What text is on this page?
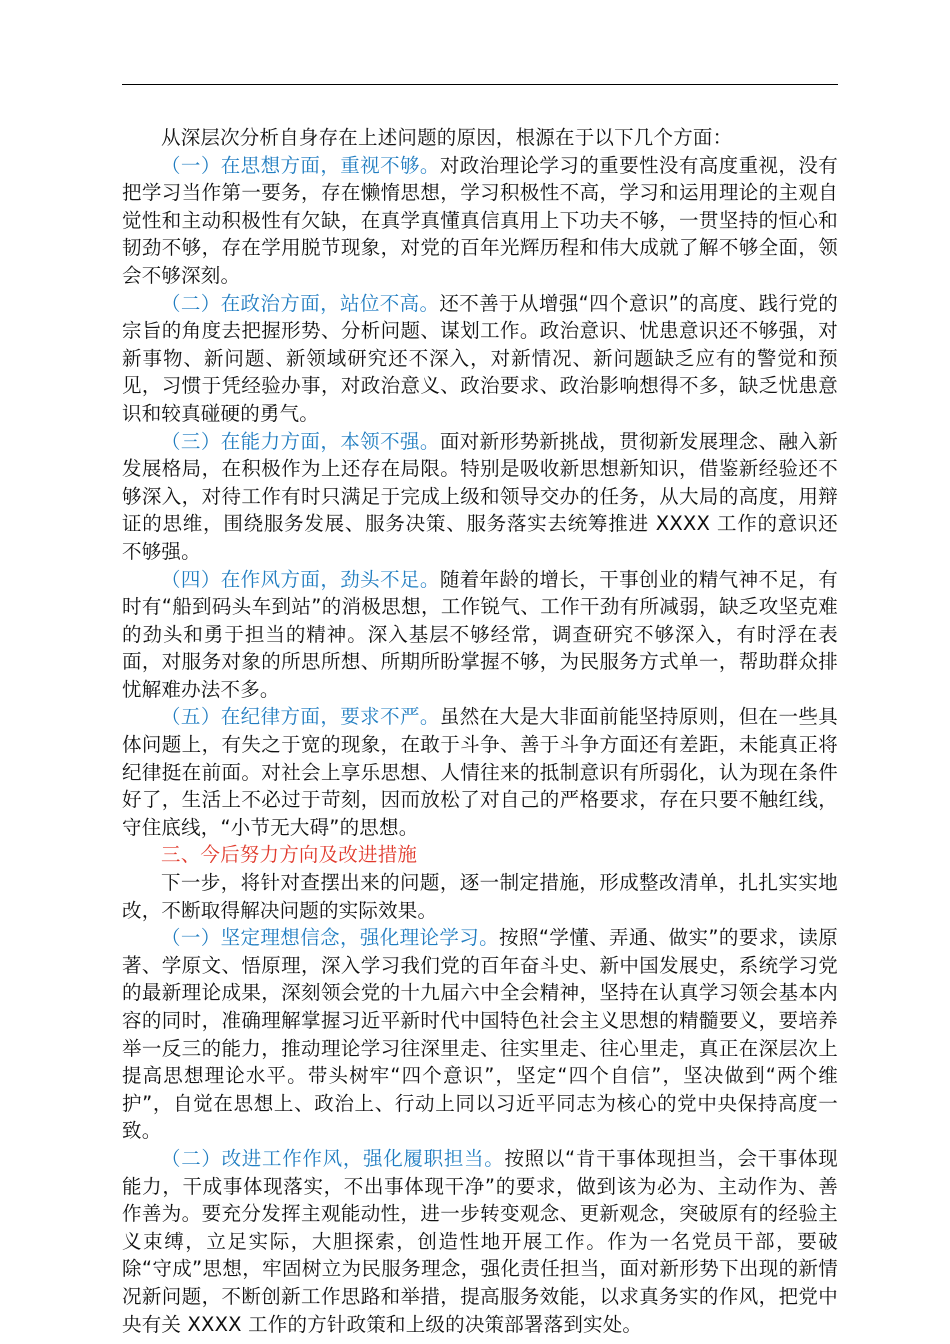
从深层次分析自身存在上述问题的原因，根源在于以下几个方面：

（一）在思想方面，重视不够。对政治理论学习的重要性没有高度重视，没有把学习当作第一要务，存在懒惰思想，学习积极性不高，学习和运用理论的主观自觉性和主动积极性有欠缺，在真学真懂真信真用上下功夫不够，一贯坚持的恒心和韧劲不够，存在学用脱节现象，对党的百年光辉历程和伟大成就了解不够全面，领会不够深刻。

（二）在政治方面，站位不高。还不善于从增强“四个意识”的高度、践行党的宗旨的角度去把握形势、分析问题、谋划工作。政治意识、忧患意识还不够强，对新事物、新问题、新领域研究还不深入，对新情况、新问题缺乏应有的警觉和预见，习惯于凭经验办事，对政治意义、政治要求、政治影响想得不多，缺乏忧患意识和较真碰硬的勇气。

（三）在能力方面，本领不强。面对新形势新挑战，贯彻新发展理念、融入新发展格局，在积极作为上还存在局限。特别是吸收新思想新知识，借鉴新经验还不够深入，对待工作有时只满足于完成上级和领导交办的任务，从大局的高度，用辩证的思维，围绕服务发展、服务决策、服务落实去统筹推进 XXXX 工作的意识还不够强。

（四）在作风方面，劲头不足。随着年龄的增长，干事创业的精气神不足，有时有“船到码头车到站”的消极思想，工作锐气、工作干劲有所减弱，缺乏攻坚克难的劲头和勇于担当的精神。深入基层不够经常，调查研究不够深入，有时浮在表面，对服务对象的所思所想、所期所盼掌握不够，为民服务方式单一，帮助群众排忧解难办法不多。

（五）在纪律方面，要求不严。虽然在大是大非面前能坚持原则，但在一些具体问题上，有失之于宽的现象，在敢于斗争、善于斗争方面还有差距，未能真正将纪律挺在前面。对社会上享乐思想、人情往来的抵制意识有所弱化，认为现在条件好了，生活上不必过于苛刻，因而放松了对自己的严格要求，存在只要不触红线，守住底线，“小节无大碍”的思想。

三、今后努力方向及改进措施

下一步，将针对查摆出来的问题，逐一制定措施，形成整改清单，扎扎实实地改，不断取得解决问题的实际效果。

（一）坚定理想信念，强化理论学习。按照“学懂、弄通、做实”的要求，读原著、学原文、悟原理，深入学习我们党的百年奋斗史、新中国发展史，系统学习党的最新理论成果，深刻领会党的十九届六中全会精神，坚持在认真学习领会基本内容的同时，准确理解掌握习近平新时代中国特色社会主义思想的精髓要义，要培养举一反三的能力，推动理论学习往深里走、往实里走、往心里走，真正在深层次上提高思想理论水平。带头树牢“四个意识”，坚定“四个自信”，坚决做到“两个维护”，自觉在思想上、政治上、行动上同以习近平同志为核心的党中央保持高度一致。

（二）改进工作作风，强化履职担当。按照以“肯干事体现担当，会干事体现能力，干成事体现落实，不出事体现干净”的要求，做到该为必为、主动作为、善作善为。要充分发挥主观能动性，进一步转变观念、更新观念，突破原有的经验主义束缚，立足实际，大胆探索，创造性地开展工作。作为一名党员干部，要破除“守成”思想，牢固树立为民服务理念，强化责任担当，面对新形势下出现的新情况新问题，不断创新工作思路和举措，提高服务效能，以求真务实的作风，把党中央有关 XXXX 工作的方针政策和上级的决策部署落到实处。
